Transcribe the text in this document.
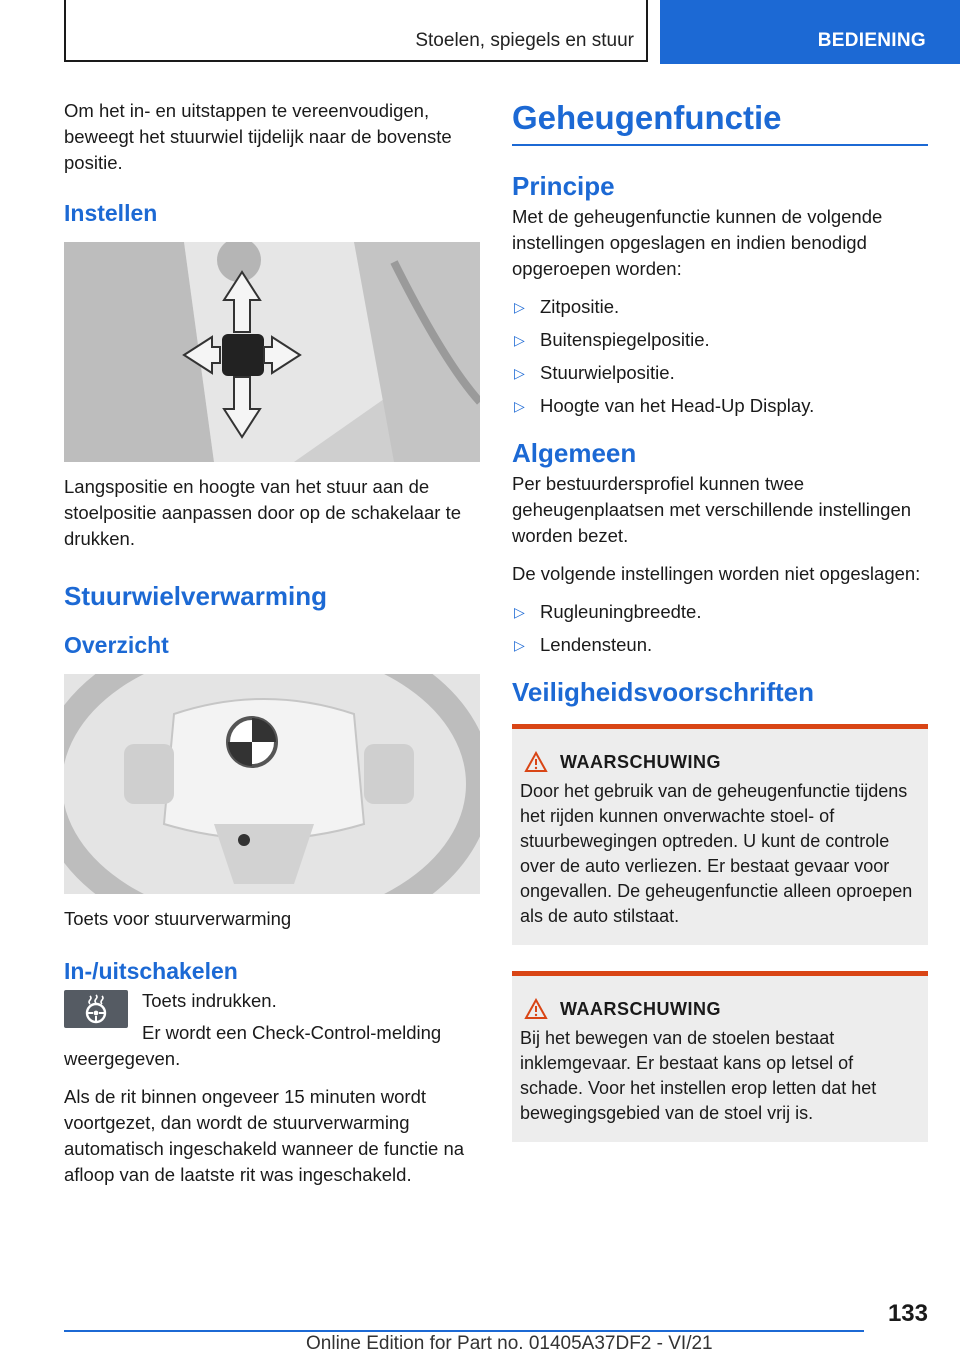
Stoelen, spiegels en stuur	BEDIENING

Om het in- en uitstappen te vereenvoudigen, beweegt het stuurwiel tijdelijk naar de bovenste positie.

Instellen

Langspositie en hoogte van het stuur aan de stoelpositie aanpassen door op de schakelaar te drukken.

Stuurwielverwarming
Overzicht

Toets voor stuurverwarming

In-/uitschakelen

Toets indrukken.

Er wordt een Check-Control-melding weergegeven.

Als de rit binnen ongeveer 15 minuten wordt voortgezet, dan wordt de stuurverwarming automatisch ingeschakeld wanneer de functie na afloop van de laatste rit was ingeschakeld.

Geheugenfunctie
Principe

Met de geheugenfunctie kunnen de volgende instellingen opgeslagen en indien benodigd opgeroepen worden:

▷ Zitpositie.
▷ Buitenspiegelpositie.
▷ Stuurwielpositie.
▷ Hoogte van het Head-Up Display.
Algemeen

Per bestuurdersprofiel kunnen twee geheugenplaatsen met verschillende instellingen worden bezet.

De volgende instellingen worden niet opgeslagen:

▷ Rugleuningbreedte.
▷ Lendensteun.
Veiligheidsvoorschriften
WAARSCHUWING

Door het gebruik van de geheugenfunctie tijdens het rijden kunnen onverwachte stoel- of stuurbewegingen optreden. U kunt de controle over de auto verliezen. Er bestaat gevaar voor ongevallen. De geheugenfunctie alleen oproepen als de auto stilstaat.

WAARSCHUWING

Bij het bewegen van de stoelen bestaat inklemgevaar. Er bestaat kans op letsel of schade. Voor het instellen erop letten dat het bewegingsgebied van de stoel vrij is.

133
Online Edition for Part no. 01405A37DF2 - VI/21
